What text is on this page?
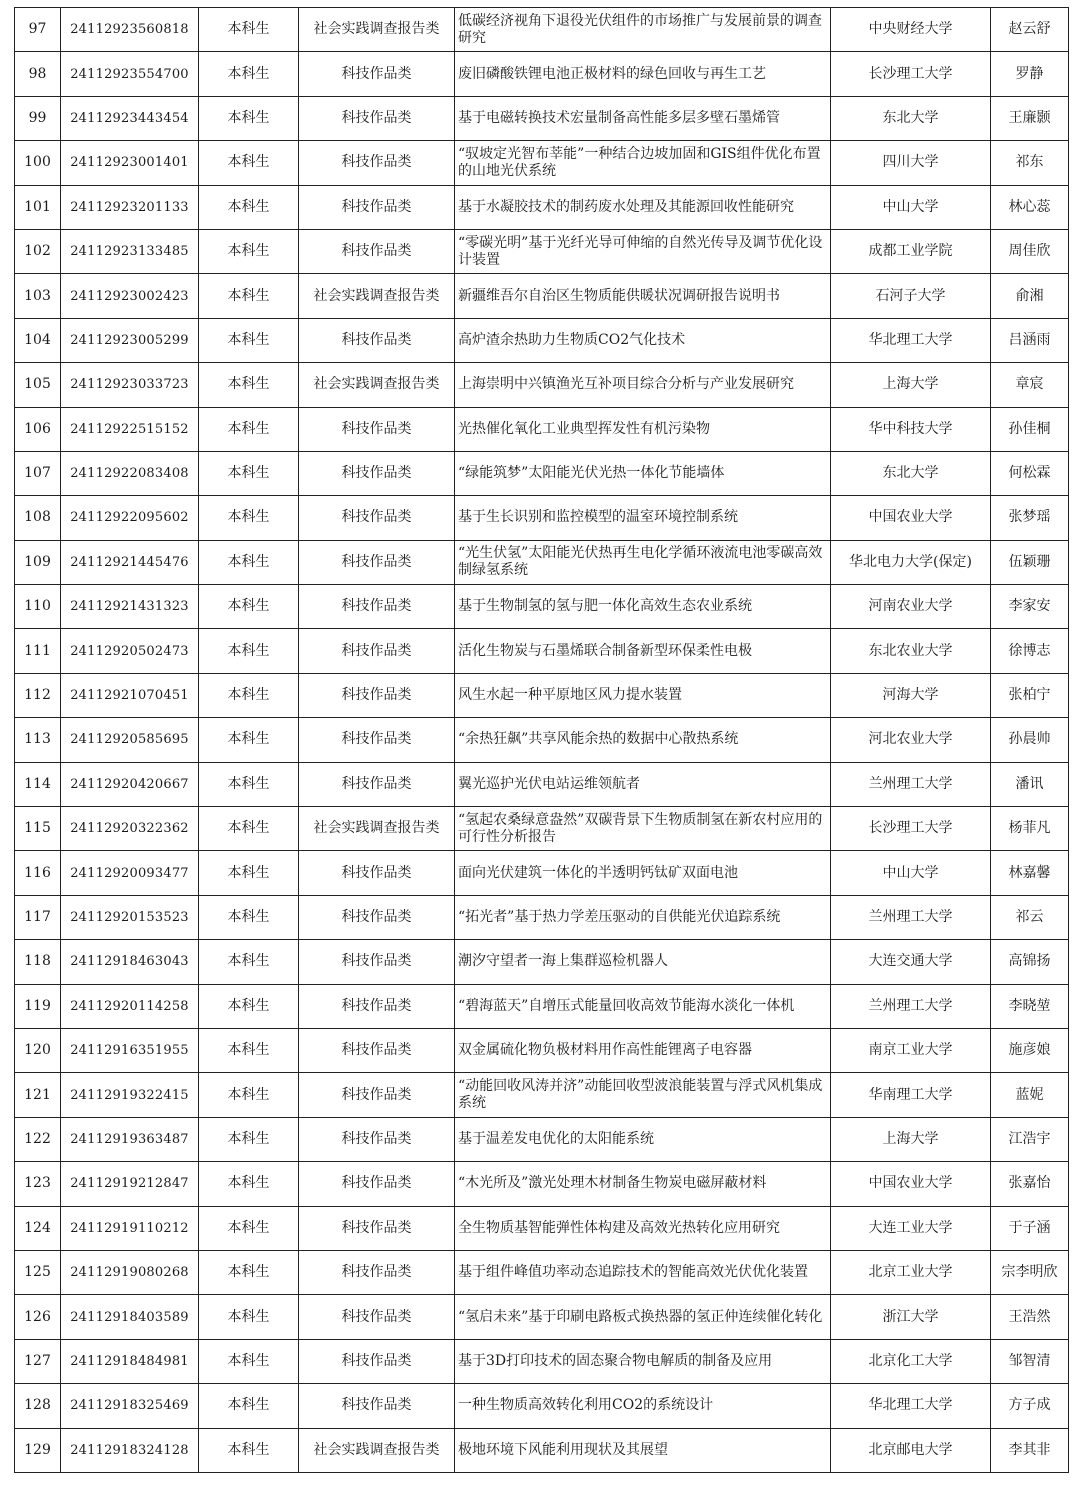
97	24112923560818	本科生	社会实践调查报告类	低碳经济视角下退役光伏组件的市场推广与发展前景的调查研究	中央财经大学	赵云舒
98	24112923554700	本科生	科技作品类	废旧磷酸铁锂电池正极材料的绿色回收与再生工艺	长沙理工大学	罗静
99	24112923443454	本科生	科技作品类	基于电磁转换技术宏量制备高性能多层多壁石墨烯管	东北大学	王廉颢
100	24112923001401	本科生	科技作品类	“驭坡定光智布莘能”一种结合边坡加固和GIS组件优化布置的山地光伏系统	四川大学	祁东
101	24112923201133	本科生	科技作品类	基于水凝胶技术的制药废水处理及其能源回收性能研究	中山大学	林心蕊
102	24112923133485	本科生	科技作品类	“零碳光明”基于光纤光导可伸缩的自然光传导及调节优化设计装置	成都工业学院	周佳欣
103	24112923002423	本科生	社会实践调查报告类	新疆维吾尔自治区生物质能供暖状况调研报告说明书	石河子大学	俞湘
104	24112923005299	本科生	科技作品类	高炉渣余热助力生物质CO2气化技术	华北理工大学	吕涵雨
105	24112923033723	本科生	社会实践调查报告类	上海崇明中兴镇渔光互补项目综合分析与产业发展研究	上海大学	章宸
106	24112922515152	本科生	科技作品类	光热催化氧化工业典型挥发性有机污染物	华中科技大学	孙佳桐
107	24112922083408	本科生	科技作品类	“绿能筑梦”太阳能光伏光热一体化节能墙体	东北大学	何松霖
108	24112922095602	本科生	科技作品类	基于生长识别和监控模型的温室环境控制系统	中国农业大学	张梦瑶
109	24112921445476	本科生	科技作品类	“光生伏氢”太阳能光伏热再生电化学循环液流电池零碳高效制绿氢系统	华北电力大学(保定)	伍颖珊
110	24112921431323	本科生	科技作品类	基于生物制氢的氢与肥一体化高效生态农业系统	河南农业大学	李家安
111	24112920502473	本科生	科技作品类	活化生物炭与石墨烯联合制备新型环保柔性电极	东北农业大学	徐博志
112	24112921070451	本科生	科技作品类	风生水起一种平原地区风力提水装置	河海大学	张柏宁
113	24112920585695	本科生	科技作品类	“余热狂飙”共享风能余热的数据中心散热系统	河北农业大学	孙晨帅
114	24112920420667	本科生	科技作品类	翼光巡护光伏电站运维领航者	兰州理工大学	潘讯
115	24112920322362	本科生	社会实践调查报告类	“氢起农桑绿意盎然”双碳背景下生物质制氢在新农村应用的可行性分析报告	长沙理工大学	杨菲凡
116	24112920093477	本科生	科技作品类	面向光伏建筑一体化的半透明钙钛矿双面电池	中山大学	林嘉馨
117	24112920153523	本科生	科技作品类	“拓光者”基于热力学差压驱动的自供能光伏追踪系统	兰州理工大学	祁云
118	24112918463043	本科生	科技作品类	潮汐守望者一海上集群巡检机器人	大连交通大学	高锦扬
119	24112920114258	本科生	科技作品类	“碧海蓝天”自增压式能量回收高效节能海水淡化一体机	兰州理工大学	李晓堃
120	24112916351955	本科生	科技作品类	双金属硫化物负极材料用作高性能锂离子电容器	南京工业大学	施彦娘
121	24112919322415	本科生	科技作品类	“动能回收风涛并济”动能回收型波浪能装置与浮式风机集成系统	华南理工大学	蓝妮
122	24112919363487	本科生	科技作品类	基于温差发电优化的太阳能系统	上海大学	江浩宇
123	24112919212847	本科生	科技作品类	“木光所及”激光处理木材制备生物炭电磁屏蔽材料	中国农业大学	张嘉怡
124	24112919110212	本科生	科技作品类	全生物质基智能弹性体构建及高效光热转化应用研究	大连工业大学	于子涵
125	24112919080268	本科生	科技作品类	基于组件峰值功率动态追踪技术的智能高效光伏优化装置	北京工业大学	宗李明欣
126	24112918403589	本科生	科技作品类	“氢启未来”基于印刷电路板式换热器的氢正仲连续催化转化	浙江大学	王浩然
127	24112918484981	本科生	科技作品类	基于3D打印技术的固态聚合物电解质的制备及应用	北京化工大学	邹智清
128	24112918325469	本科生	科技作品类	一种生物质高效转化利用CO2的系统设计	华北理工大学	方子成
129	24112918324128	本科生	社会实践调查报告类	极地环境下风能利用现状及其展望	北京邮电大学	李其非
